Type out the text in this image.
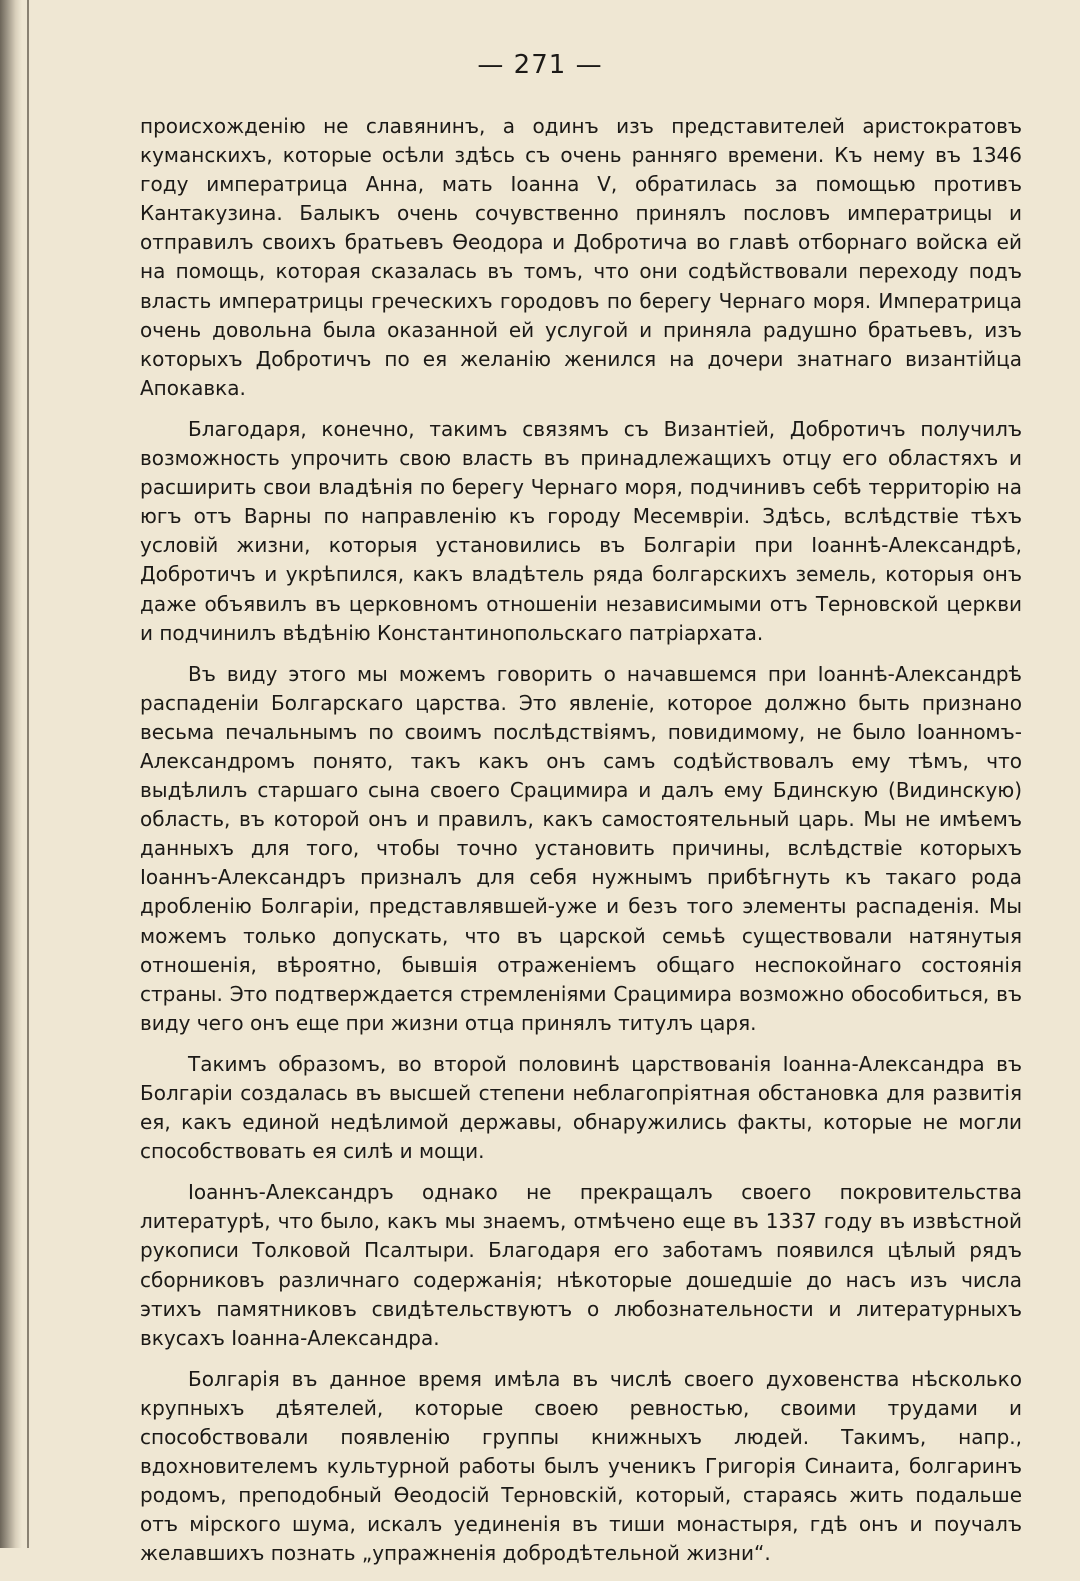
— 271 —

происхожденію не славянинъ, а одинъ изъ представителей аристократовъ куманскихъ, которые осѣли здѣсь съ очень ранняго времени. Къ нему въ 1346 году императрица Анна, мать Іоанна V, обратилась за помощью противъ Кантакузина. Балыкъ очень сочувственно принялъ пословъ императрицы и отправилъ своихъ братьевъ Ѳеодора и Добротича во главѣ отборнаго войска ей на помощь, которая сказалась въ томъ, что они содѣйствовали переходу подъ власть императрицы греческихъ городовъ по берегу Чернаго моря. Императрица очень довольна была оказанной ей услугой и приняла радушно братьевъ, изъ которыхъ Добротичъ по ея желанію женился на дочери знатнаго византійца Апокавка.

Благодаря, конечно, такимъ связямъ съ Византіей, Добротичъ получилъ возможность упрочить свою власть въ принадлежащихъ отцу его областяхъ и расширить свои владѣнія по берегу Чернаго моря, подчинивъ себѣ территорію на югъ отъ Варны по направленію къ городу Месемвріи. Здѣсь, вслѣдствіе тѣхъ условій жизни, которыя установились въ Болгаріи при Іоаннѣ-Александрѣ, Добротичъ и укрѣпился, какъ владѣтель ряда болгарскихъ земель, которыя онъ даже объявилъ въ церковномъ отношеніи независимыми отъ Терновской церкви и подчинилъ вѣдѣнію Константинопольскаго патріархата.

Въ виду этого мы можемъ говорить о начавшемся при Іоаннѣ-Александрѣ распаденіи Болгарскаго царства. Это явленіе, которое должно быть признано весьма печальнымъ по своимъ послѣдствіямъ, повидимому, не было Іоанномъ-Александромъ понято, такъ какъ онъ самъ содѣйствовалъ ему тѣмъ, что выдѣлилъ старшаго сына своего Срацимира и далъ ему Бдинскую (Видинскую) область, въ которой онъ и правилъ, какъ самостоятельный царь. Мы не имѣемъ данныхъ для того, чтобы точно установить причины, вслѣдствіе которыхъ Іоаннъ-Александръ призналъ для себя нужнымъ прибѣгнуть къ такаго рода дробленію Болгаріи, представлявшей-уже и безъ того элементы распаденія. Мы можемъ только допускать, что въ царской семьѣ существовали натянутыя отношенія, вѣроятно, бывшія отраженіемъ общаго неспокойнаго состоянія страны. Это подтверждается стремленіями Срацимира возможно обособиться, въ виду чего онъ еще при жизни отца принялъ титулъ царя.

Такимъ образомъ, во второй половинѣ царствованія Іоанна-Александра въ Болгаріи создалась въ высшей степени неблагопріятная обстановка для развитія ея, какъ единой недѣлимой державы, обнаружились факты, которые не могли способствовать ея силѣ и мощи.

Іоаннъ-Александръ однако не прекращалъ своего покровительства литературѣ, что было, какъ мы знаемъ, отмѣчено еще въ 1337 году въ извѣстной рукописи Толковой Псалтыри. Благодаря его заботамъ появился цѣлый рядъ сборниковъ различнаго содержанія; нѣкоторые дошедшіе до насъ изъ числа этихъ памятниковъ свидѣтельствуютъ о любознательности и литературныхъ вкусахъ Іоанна-Александра.

Болгарія въ данное время имѣла въ числѣ своего духовенства нѣсколько крупныхъ дѣятелей, которые своею ревностью, своими трудами и способствовали появленію группы книжныхъ людей. Такимъ, напр., вдохновителемъ культурной работы былъ ученикъ Григорія Синаита, болгаринъ родомъ, преподобный Ѳеодосій Терновскій, который, стараясь жить подальше отъ мірского шума, искалъ уединенія въ тиши монастыря, гдѣ онъ и поучалъ желавшихъ познать „упражненія добродѣтельной жизни“.
